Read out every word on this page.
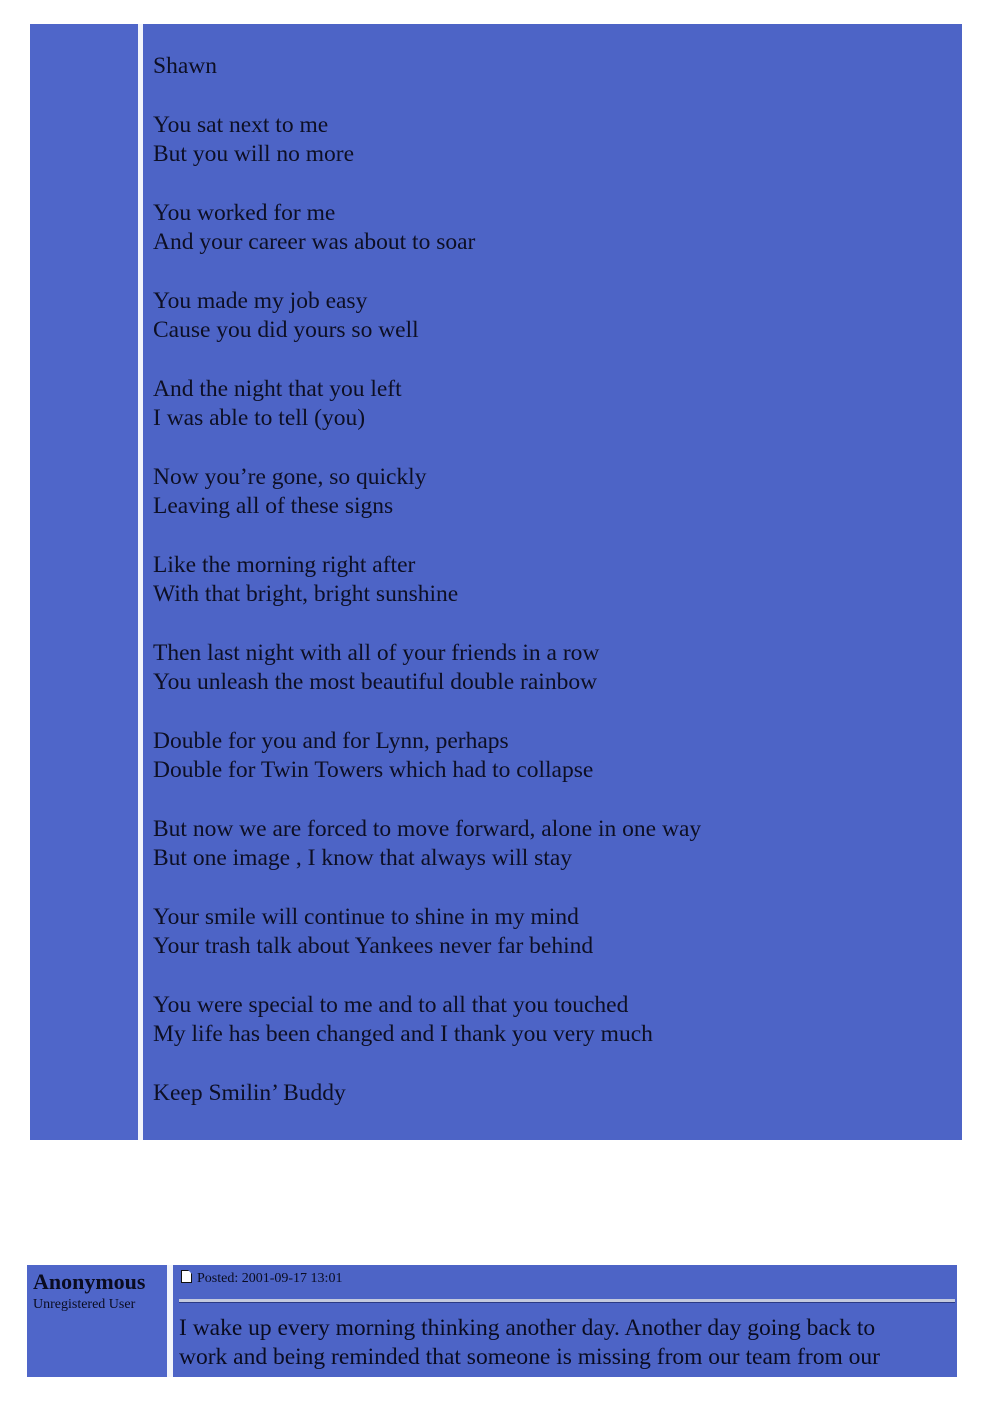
Shawn
You sat next to me
But you will no more
You worked for me
And your career was about to soar
You made my job easy
Cause you did yours so well
And the night that you left
I was able to tell (you)
Now you’re gone, so quickly
Leaving all of these signs
Like the morning right after
With that bright, bright sunshine
Then last night with all of your friends in a row
You unleash the most beautiful double rainbow
Double for you and for Lynn, perhaps
Double for Twin Towers which had to collapse
But now we are forced to move forward, alone in one way
But one image , I know that always will stay
Your smile will continue to shine in my mind
Your trash talk about Yankees never far behind
You were special to me and to all that you touched
My life has been changed and I thank you very much
Keep Smilin’ Buddy
Anonymous
Unregistered User
Posted: 2001-09-17 13:01
I wake up every morning thinking another day. Another day going back to
work and being reminded that someone is missing from our team from our
